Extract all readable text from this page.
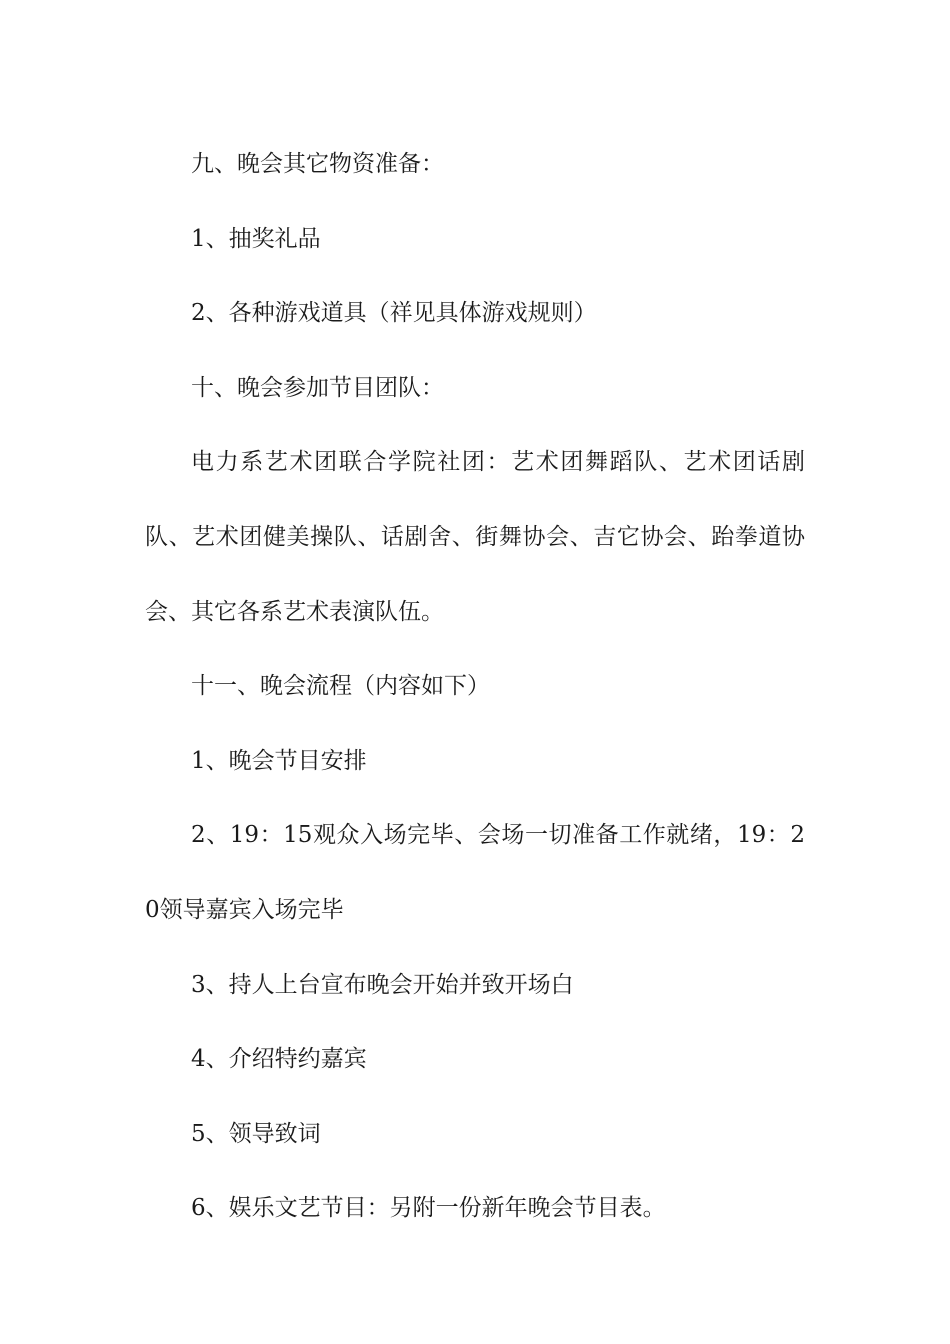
九、晚会其它物资准备：

1、抽奖礼品

2、各种游戏道具（祥见具体游戏规则）

十、晚会参加节目团队：

电力系艺术团联合学院社团：艺术团舞蹈队、艺术团话剧队、艺术团健美操队、话剧舍、街舞协会、吉它协会、跆拳道协会、其它各系艺术表演队伍。

十一、晚会流程（内容如下）

1、晚会节目安排

2、19：15观众入场完毕、会场一切准备工作就绪，19：20领导嘉宾入场完毕

3、持人上台宣布晚会开始并致开场白

4、介绍特约嘉宾

5、领导致词

6、娱乐文艺节目：另附一份新年晚会节目表。
